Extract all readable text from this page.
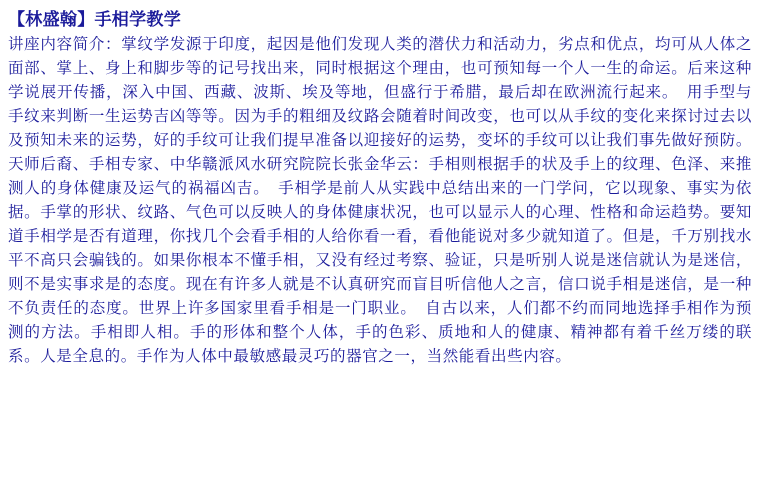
【林盛翰】手相学教学

讲座内容简介：掌纹学发源于印度，起因是他们发现人类的潜伏力和活动力，劣点和优点，均可从人体之面部、掌上、身上和脚步等的记号找出来，同时根据这个理由，也可预知每一个人一生的命运。后来这种学说展开传播，深入中国、西藏、波斯、埃及等地，但盛行于希腊，最后却在欧洲流行起来。　用手型与手纹来判断一生运势吉凶等等。因为手的粗细及纹路会随着时间改变，也可以从手纹的变化来探讨过去以及预知未来的运势，好的手纹可让我们提早准备以迎接好的运势，变坏的手纹可以让我们事先做好预防。天师后裔、手相专家、中华赣派风水研究院院长张金华云：手相则根据手的状及手上的纹理、色泽、来推测人的身体健康及运气的祸福凶吉。　手相学是前人从实践中总结出来的一门学问，它以现象、事实为依据。手掌的形状、纹路、气色可以反映人的身体健康状况，也可以显示人的心理、性格和命运趋势。要知道手相学是否有道理，你找几个会看手相的人给你看一看，看他能说对多少就知道了。但是，千万别找水平不高只会骗钱的。如果你根本不懂手相，又没有经过考察、验证，只是听别人说是迷信就认为是迷信，则不是实事求是的态度。现在有许多人就是不认真研究而盲目听信他人之言，信口说手相是迷信，是一种不负责任的态度。世界上许多国家里看手相是一门职业。　自古以来，人们都不约而同地选择手相作为预测的方法。手相即人相。手的形体和整个人体，手的色彩、质地和人的健康、精神都有着千丝万缕的联系。人是全息的。手作为人体中最敏感最灵巧的器官之一，当然能看出些内容。
